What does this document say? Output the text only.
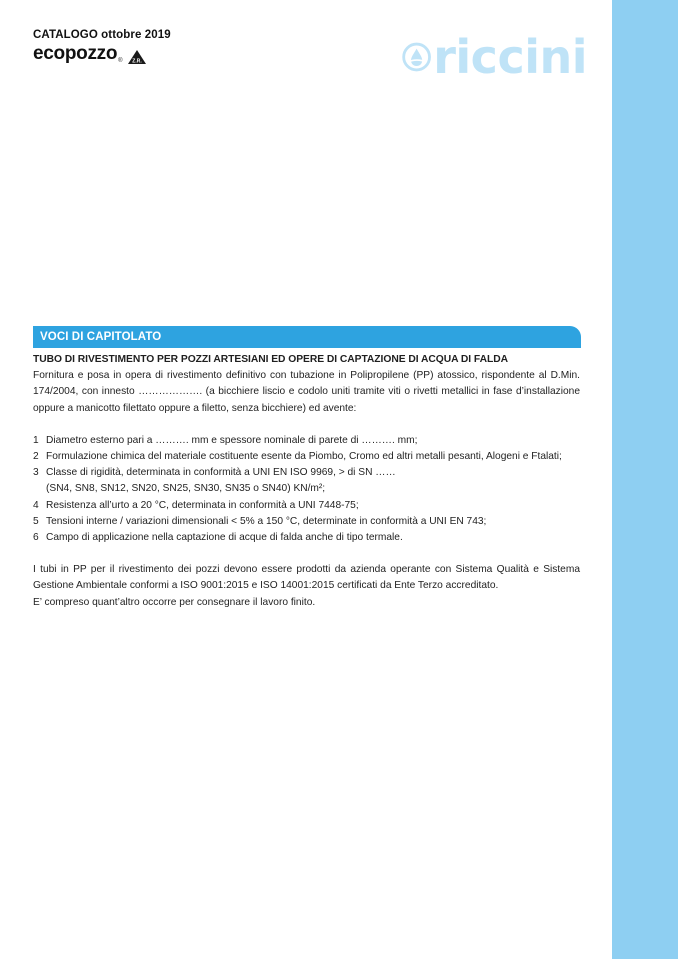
CATALOGO ottobre 2019
ecopozzo ® Z.R.	riccini
VOCI DI CAPITOLATO
TUBO DI RIVESTIMENTO PER POZZI ARTESIANI ED OPERE DI CAPTAZIONE DI ACQUA DI FALDA

Fornitura e posa in opera di rivestimento definitivo con tubazione in Polipropilene (PP) atossico, rispondente al D.Min. 174/2004, con innesto ………………. (a bicchiere liscio e codolo uniti tramite viti o rivetti metallici in fase d’installazione oppure a manicotto filettato oppure a filetto, senza bicchiere) ed avente:

1 Diametro esterno pari a ………. mm e spessore nominale di parete di ………. mm;
2 Formulazione chimica del materiale costituente esente da Piombo, Cromo ed altri metalli pesanti, Alogeni e Ftalati;
3 Classe di rigidità, determinata in conformità a UNI EN ISO 9969, > di SN ……
(SN4, SN8, SN12, SN20, SN25, SN30, SN35 o SN40) KN/m²;
4 Resistenza all’urto a 20 °C, determinata in conformità a UNI 7448-75;
5 Tensioni interne / variazioni dimensionali < 5% a 150 °C, determinate in conformità a UNI EN 743;
6 Campo di applicazione nella captazione di acque di falda anche di tipo termale.

I tubi in PP per il rivestimento dei pozzi devono essere prodotti da azienda operante con Sistema Qualità e Sistema Gestione Ambientale conformi a ISO 9001:2015 e ISO 14001:2015 certificati da Ente Terzo accreditato.

E’ compreso quant’altro occorre per consegnare il lavoro finito.
